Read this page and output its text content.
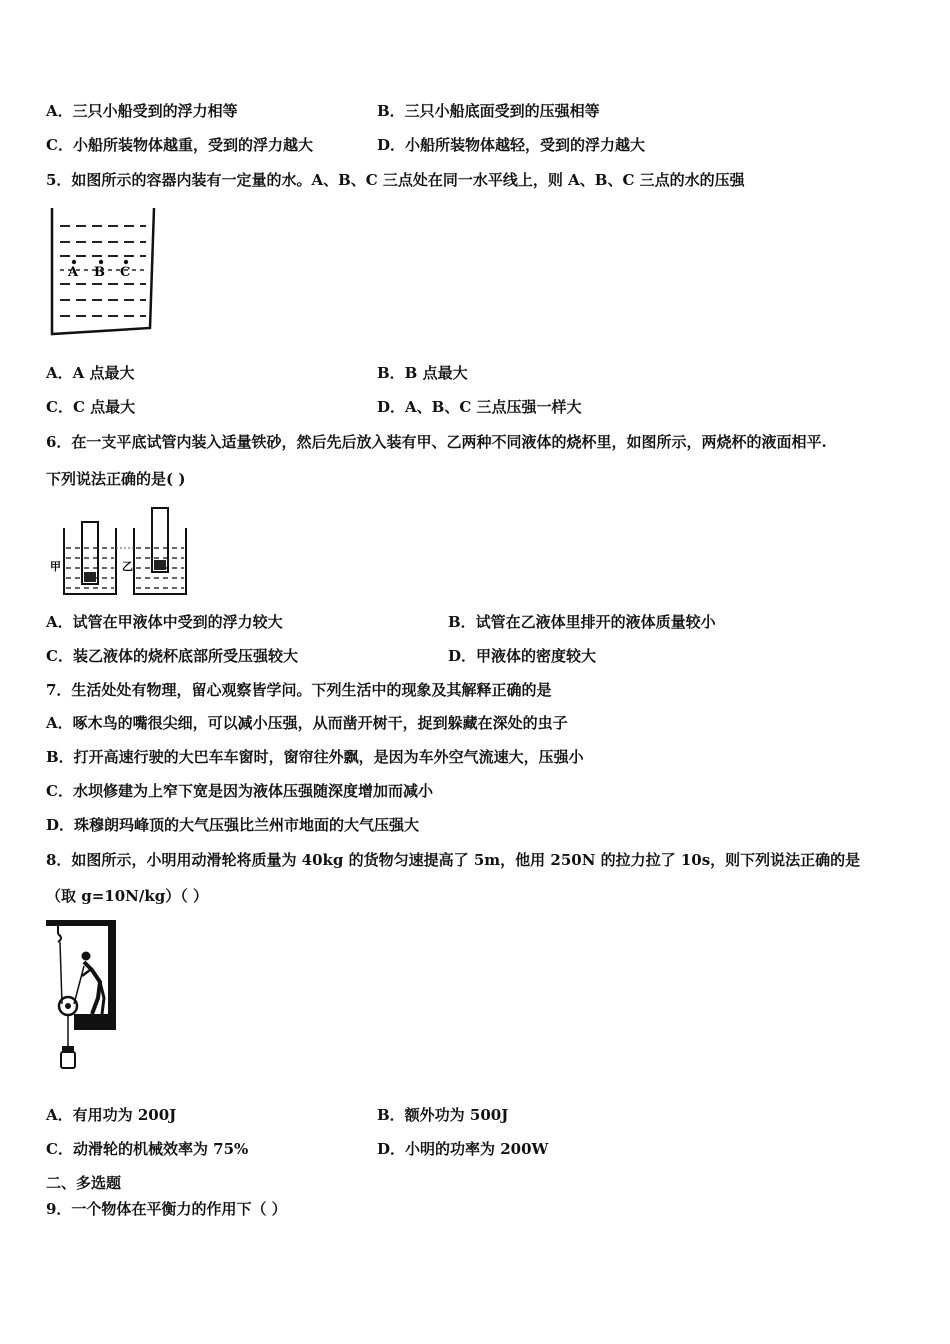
A．三只小船受到的浮力相等	B．三只小船底面受到的压强相等
C．小船所装物体越重，受到的浮力越大	D．小船所装物体越轻，受到的浮力越大
5．如图所示的容器内装有一定量的水。A、B、C 三点处在同一水平线上，则 A、B、C 三点的水的压强
A B C
A．A 点最大	B．B 点最大
C．C 点最大	D．A、B、C 三点压强一样大
6．在一支平底试管内装入适量铁砂，然后先后放入装有甲、乙两种不同液体的烧杯里，如图所示，两烧杯的液面相平.
下列说法正确的是( )
甲	乙
A．试管在甲液体中受到的浮力较大	B．试管在乙液体里排开的液体质量较小
C．装乙液体的烧杯底部所受压强较大	D．甲液体的密度较大
7．生活处处有物理，留心观察皆学问。下列生活中的现象及其解释正确的是
A．啄木鸟的嘴很尖细，可以减小压强，从而凿开树干，捉到躲藏在深处的虫子
B．打开高速行驶的大巴车车窗时，窗帘往外飘，是因为车外空气流速大，压强小
C．水坝修建为上窄下宽是因为液体压强随深度增加而减小
D．珠穆朗玛峰顶的大气压强比兰州市地面的大气压强大
8．如图所示，小明用动滑轮将质量为 40kg 的货物匀速提高了 5m，他用 250N 的拉力拉了 10s，则下列说法正确的是
（取 g=10N/kg）（ ）
A．有用功为 200J	B．额外功为 500J
C．动滑轮的机械效率为 75%	D．小明的功率为 200W
二、多选题
9．一个物体在平衡力的作用下（ ）
